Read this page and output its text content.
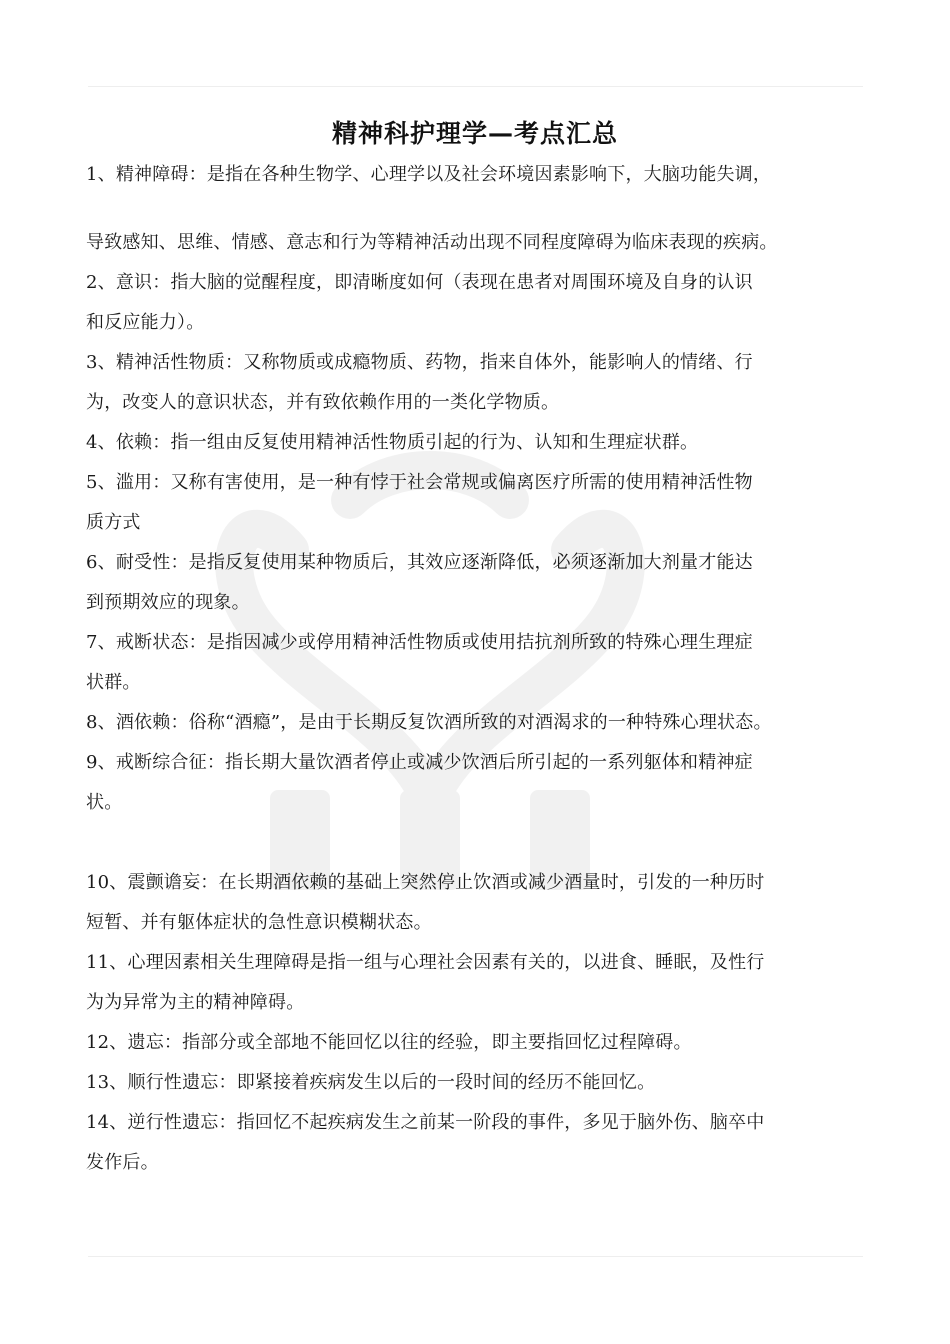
精神科护理学—考点汇总
1、精神障碍：是指在各种生物学、心理学以及社会环境因素影响下，大脑功能失调，
导致感知、思维、情感、意志和行为等精神活动出现不同程度障碍为临床表现的疾病。
2、意识：指大脑的觉醒程度，即清晰度如何（表现在患者对周围环境及自身的认识
和反应能力）。
3、精神活性物质：又称物质或成瘾物质、药物，指来自体外，能影响人的情绪、行
为，改变人的意识状态，并有致依赖作用的一类化学物质。
4、依赖：指一组由反复使用精神活性物质引起的行为、认知和生理症状群。
5、滥用：又称有害使用，是一种有悖于社会常规或偏离医疗所需的使用精神活性物
质方式
6、耐受性：是指反复使用某种物质后，其效应逐渐降低，必须逐渐加大剂量才能达
到预期效应的现象。
7、戒断状态：是指因减少或停用精神活性物质或使用拮抗剂所致的特殊心理生理症
状群。
8、酒依赖：俗称“酒瘾”，是由于长期反复饮酒所致的对酒渴求的一种特殊心理状态。
9、戒断综合征：指长期大量饮酒者停止或减少饮酒后所引起的一系列躯体和精神症
状。
10、震颤谵妄：在长期酒依赖的基础上突然停止饮酒或减少酒量时，引发的一种历时
短暂、并有躯体症状的急性意识模糊状态。
11、心理因素相关生理障碍是指一组与心理社会因素有关的，以进食、睡眠，及性行
为为异常为主的精神障碍。
12、遗忘：指部分或全部地不能回忆以往的经验，即主要指回忆过程障碍。
13、顺行性遗忘：即紧接着疾病发生以后的一段时间的经历不能回忆。
14、逆行性遗忘：指回忆不起疾病发生之前某一阶段的事件，多见于脑外伤、脑卒中
发作后。
